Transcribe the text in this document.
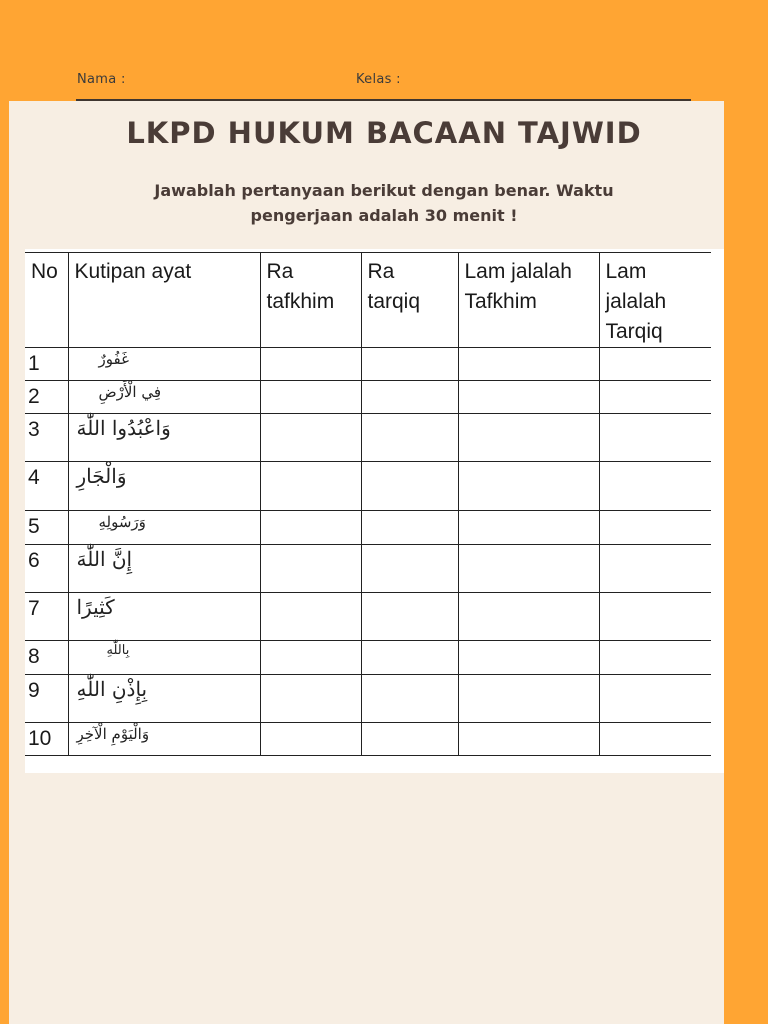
Nama :	Kelas :
LKPD HUKUM BACAAN TAJWID
Jawablah pertanyaan berikut dengan benar. Waktu
pengerjaan adalah 30 menit !
No	Kutipan ayat	Ra tafkhim	Ra tarqiq	Lam jalalah Tafkhim	Lam jalalah Tarqiq
1	غَفُورٌ				

2	فِي الْأَرْضِ				

3	وَاعْبُدُوا اللّٰهَ				

4	وَالْجَارِ				

5	وَرَسُولِهِ				

6	إِنَّ اللّٰهَ				

7	كَثِيرًا				

8	بِاللّٰهِ				

9	بِإِذْنِ اللّٰهِ				

10	وَالْيَوْمِ الْآخِرِ				
